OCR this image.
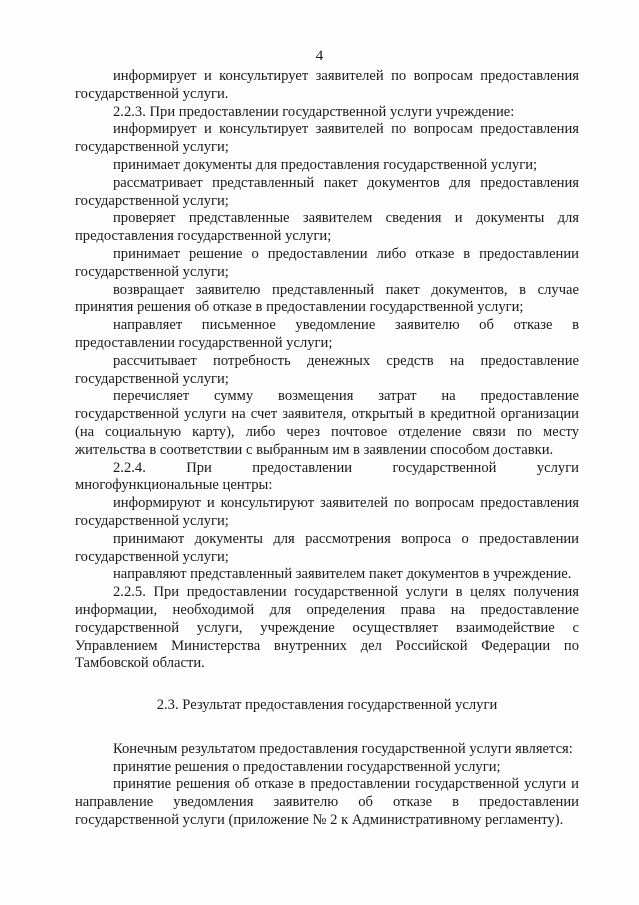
4

информирует и консультирует заявителей по вопросам предоставления государственной услуги.

2.2.3. При предоставлении государственной услуги учреждение:

информирует и консультирует заявителей по вопросам предоставления государственной услуги;

принимает документы для предоставления государственной услуги;

рассматривает представленный пакет документов для предоставления государственной услуги;

проверяет представленные заявителем сведения и документы для предоставления государственной услуги;

принимает решение о предоставлении либо отказе в предоставлении государственной услуги;

возвращает заявителю представленный пакет документов, в случае принятия решения об отказе в предоставлении государственной услуги;

направляет письменное уведомление заявителю об отказе в предоставлении государственной услуги;

рассчитывает потребность денежных средств на предоставление государственной услуги;

перечисляет сумму возмещения затрат на предоставление государственной услуги на счет заявителя, открытый в кредитной организации (на социальную карту), либо через почтовое отделение связи по месту жительства в соответствии с выбранным им в заявлении способом доставки.

2.2.4. При предоставлении государственной услуги многофункциональные центры:

информируют и консультируют заявителей по вопросам предоставления государственной услуги;

принимают документы для рассмотрения вопроса о предоставлении государственной услуги;

направляют представленный заявителем пакет документов в учреждение.

2.2.5. При предоставлении государственной услуги в целях получения информации, необходимой для определения права на предоставление государственной услуги, учреждение осуществляет взаимодействие с Управлением Министерства внутренних дел Российской Федерации по Тамбовской области.

2.3. Результат предоставления государственной услуги

Конечным результатом предоставления государственной услуги является:

принятие решения о предоставлении государственной услуги;

принятие решения об отказе в предоставлении государственной услуги и направление уведомления заявителю об отказе в предоставлении государственной услуги (приложение № 2 к Административному регламенту).
